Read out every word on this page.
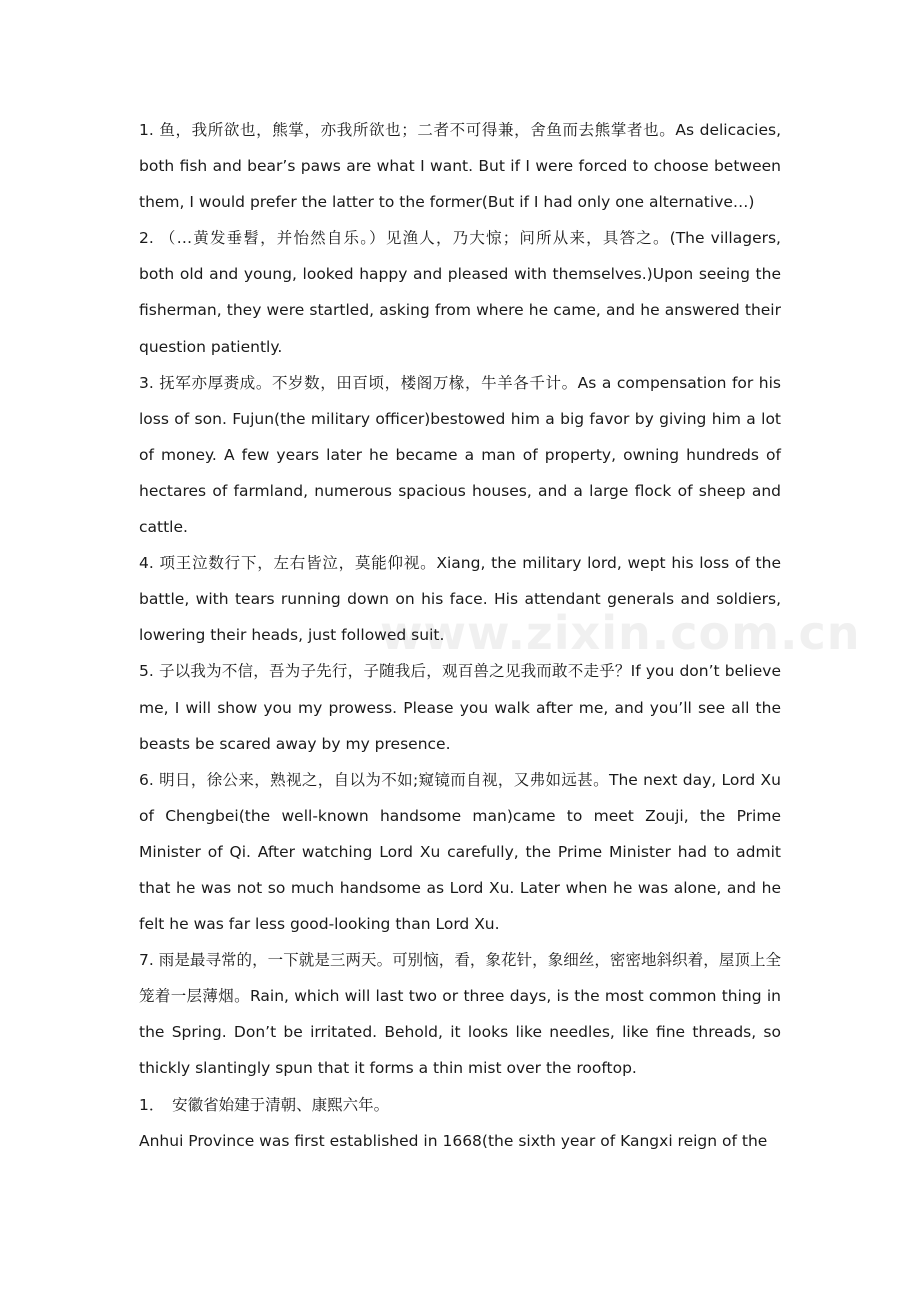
www.zixin.com.cn

1. 鱼，我所欲也，熊掌，亦我所欲也；二者不可得兼，舍鱼而去熊掌者也。As delicacies, both fish and bear’s paws are what I want. But if I were forced to choose between them, I would prefer the latter to the former(But if I had only one alternative…)

2. （…黄发垂髫，并怡然自乐。）见渔人，乃大惊；问所从来，具答之。(The villagers, both old and young, looked happy and pleased with themselves.)Upon seeing the fisherman, they were startled, asking from where he came, and he answered their question patiently.

3. 抚军亦厚赉成。不岁数，田百顷，楼阁万椽，牛羊各千计。As a compensation for his loss of son. Fujun(the military officer)bestowed him a big favor by giving him a lot of money. A few years later he became a man of property, owning hundreds of hectares of farmland, numerous spacious houses, and a large flock of sheep and cattle.

4. 项王泣数行下，左右皆泣，莫能仰视。Xiang, the military lord, wept his loss of the battle, with tears running down on his face. His attendant generals and soldiers, lowering their heads, just followed suit.

5. 子以我为不信，吾为子先行，子随我后，观百兽之见我而敢不走乎？If you don’t believe me, I will show you my prowess. Please you walk after me, and you’ll see all the beasts be scared away by my presence.

6. 明日，徐公来，熟视之，自以为不如;窥镜而自视，又弗如远甚。The next day, Lord Xu of Chengbei(the well-known handsome man)came to meet Zouji, the Prime Minister of Qi. After watching Lord Xu carefully, the Prime Minister had to admit that he was not so much handsome as Lord Xu. Later when he was alone, and he felt he was far less good-looking than Lord Xu.

7. 雨是最寻常的，一下就是三两天。可别恼，看，象花针，象细丝，密密地斜织着，屋顶上全笼着一层薄烟。Rain, which will last two or three days, is the most common thing in the Spring. Don’t be irritated. Behold, it looks like needles, like fine threads, so thickly slantingly spun that it forms a thin mist over the rooftop.

1．　安徽省始建于清朝、康熙六年。

Anhui Province was first established in 1668(the sixth year of Kangxi reign of the
